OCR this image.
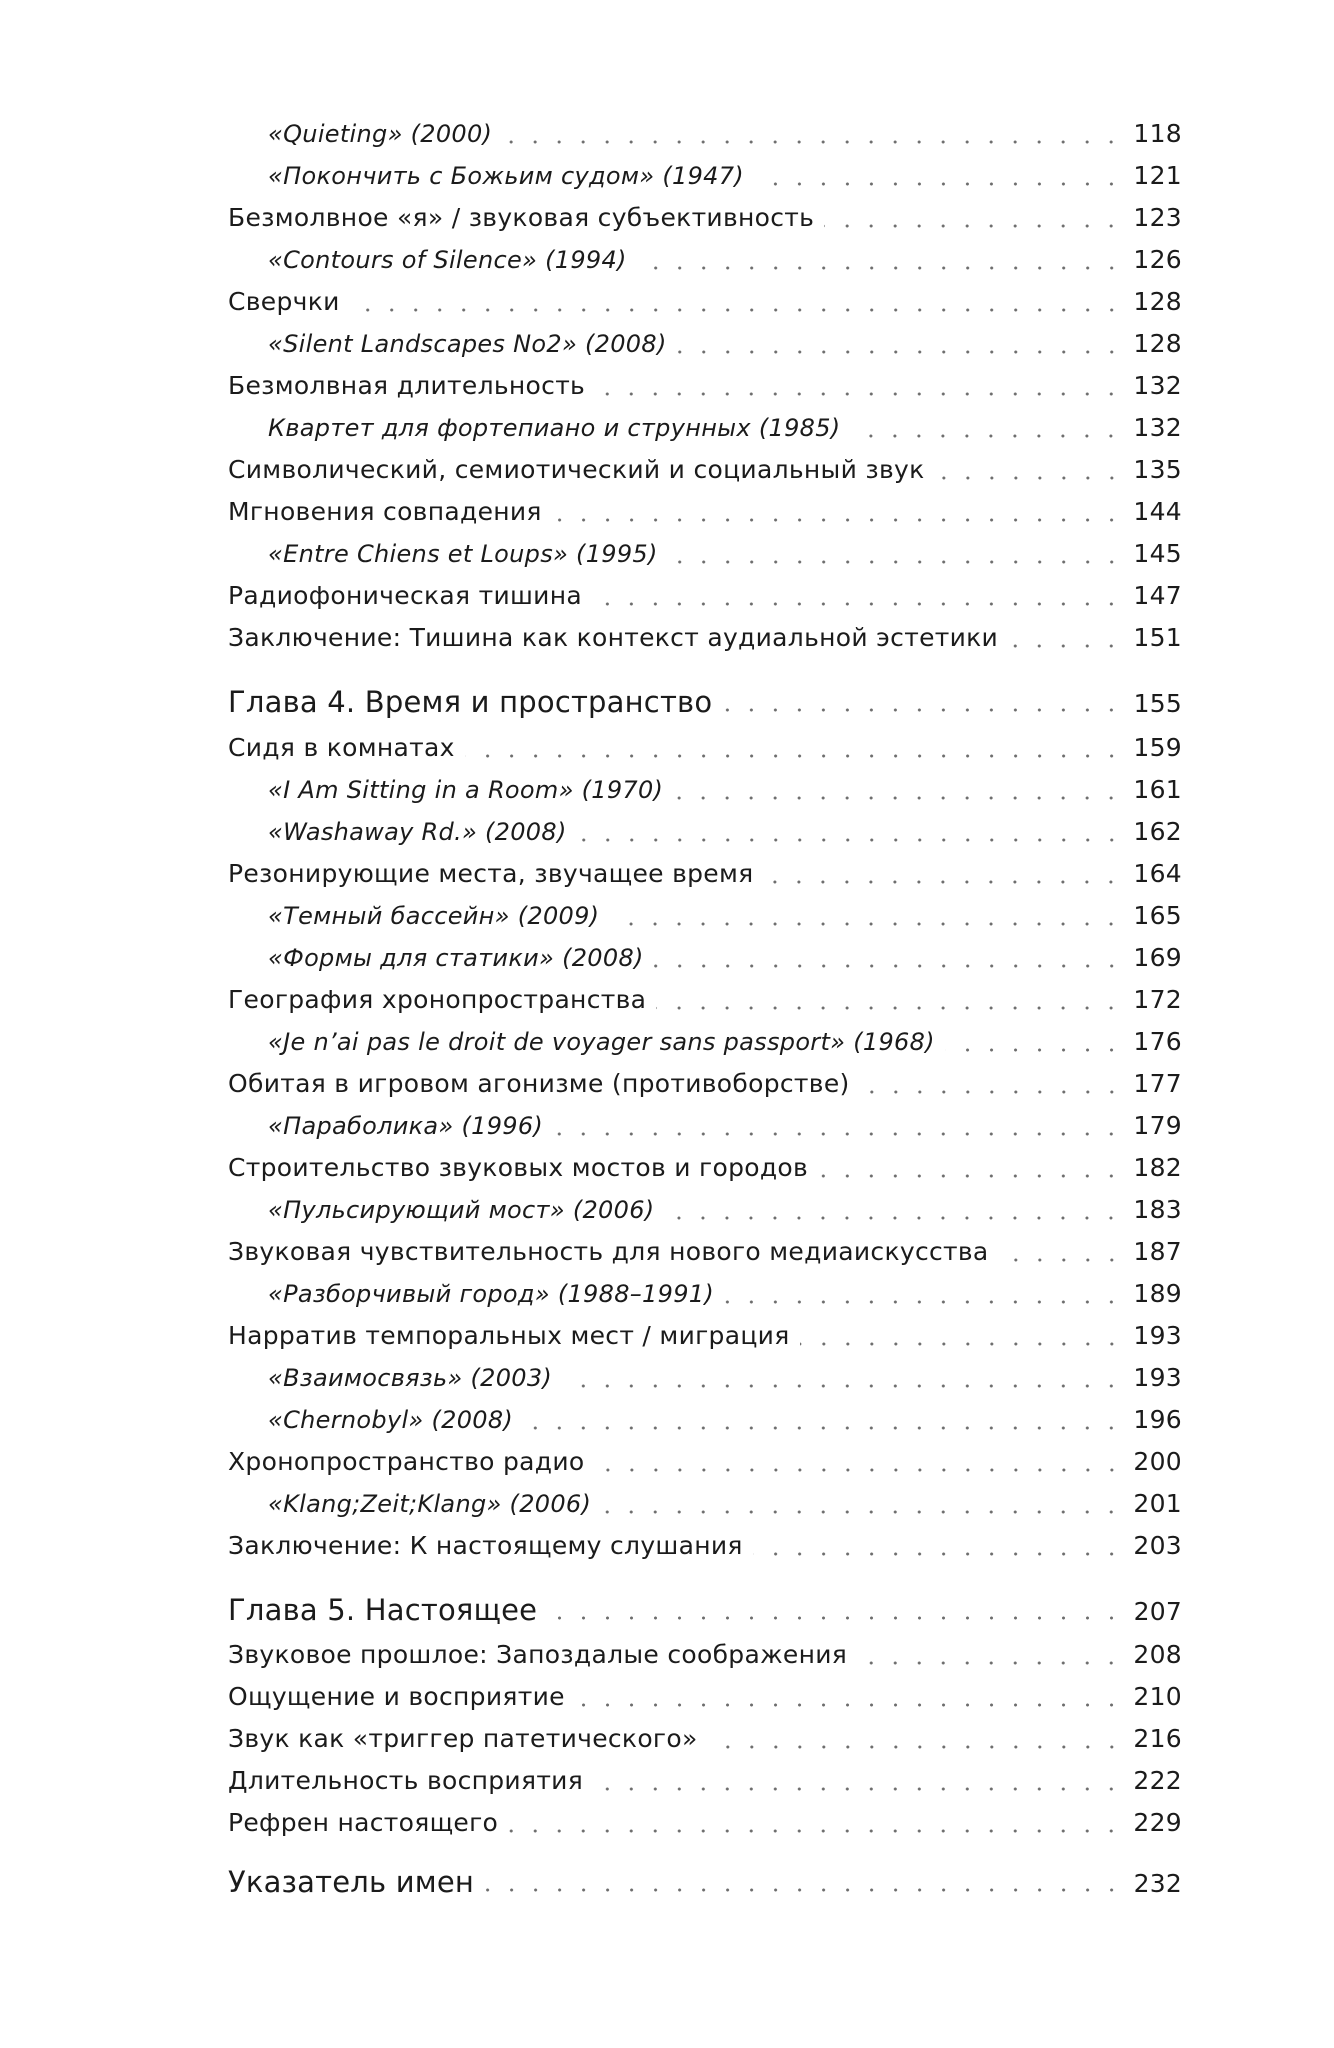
«Quieting» (2000)	118
«Покончить с Божьим судом» (1947)	121
Безмолвное «я» / звуковая субъективность	123
«Contours of Silence» (1994)	126
Сверчки	128
«Silent Landscapes No2» (2008)	128
Безмолвная длительность	132
Квартет для фортепиано и струнных (1985)	132
Символический, семиотический и социальный звук	135
Мгновения совпадения	144
«Entre Chiens et Loups» (1995)	145
Радиофоническая тишина	147
Заключение: Тишина как контекст аудиальной эстетики	151
Глава 4. Время и пространство	155
Сидя в комнатах	159
«I Am Sitting in a Room» (1970)	161
«Washaway Rd.» (2008)	162
Резонирующие места, звучащее время	164
«Темный бассейн» (2009)	165
«Формы для статики» (2008)	169
География хронопространства	172
«Je n’ai pas le droit de voyager sans passport» (1968)	176
Обитая в игровом агонизме (противоборстве)	177
«Параболика» (1996)	179
Строительство звуковых мостов и городов	182
«Пульсирующий мост» (2006)	183
Звуковая чувствительность для нового медиаискусства	187
«Разборчивый город» (1988–1991)	189
Нарратив темпоральных мест / миграция	193
«Взаимосвязь» (2003)	193
«Chernobyl» (2008)	196
Хронопространство радио	200
«Klang;Zeit;Klang» (2006)	201
Заключение: К настоящему слушания	203
Глава 5. Настоящее	207
Звуковое прошлое: Запоздалые соображения	208
Ощущение и восприятие	210
Звук как «триггер патетического»	216
Длительность восприятия	222
Рефрен настоящего	229
Указатель имен	232
